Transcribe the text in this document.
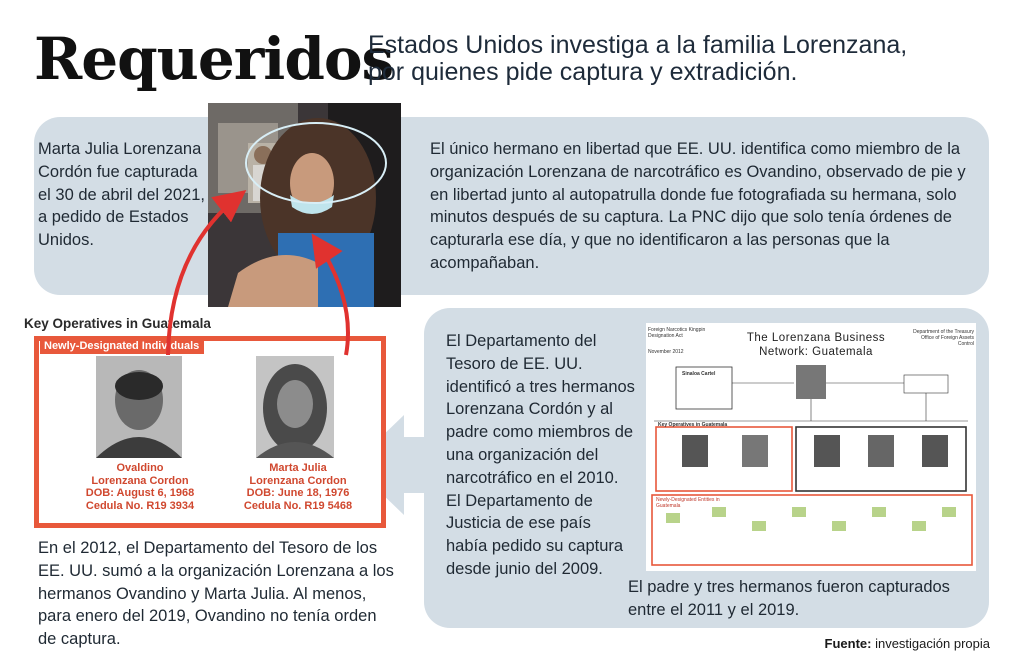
Requeridos
Estados Unidos investiga a la familia Lorenzana,
por quienes pide captura y extradición.
Marta Julia Lorenzana Cordón fue capturada el 30 de abril del 2021, a pedido de Estados Unidos.
El único hermano en libertad que EE. UU. identifica como miembro de la organización Lorenzana de narcotráfico es Ovandino, observado de pie y en libertad junto al autopatrulla donde fue fotografiada su hermana, solo minutos después de su captura. La PNC dijo que solo tenía órdenes de capturarla ese día, y que no identificaron a las personas que la acompañaban.
El Departamento del Tesoro de EE. UU. identificó a tres hermanos Lorenzana Cordón y al padre como miembros de una organización del narcotráfico en el 2010. El Departamento de Justicia de ese país había pedido su captura desde junio del 2009.
El padre y tres hermanos fueron capturados entre el 2011 y el 2019.
En el 2012, el Departamento del Tesoro de los EE. UU. sumó a la organización Lorenzana a los hermanos Ovandino y Marta Julia. Al menos, para enero del 2019, Ovandino no tenía orden de captura.
Key Operatives in Guatemala
Newly-Designated Individuals
Ovaldino
Lorenzana Cordon
DOB: August 6, 1968
Cedula No. R19 3934
Marta Julia
Lorenzana Cordon
DOB: June 18, 1976
Cedula No. R19 5468
Foreign Narcotics Kingpin Designation Act
November 2012
The Lorenzana Business
Network: Guatemala
Department of the Treasury Office of Foreign Assets Control
Sinaloa Cartel
Key Operatives in Guatemala
Newly-Designated Entities in Guatemala
Fuente: investigación propia
